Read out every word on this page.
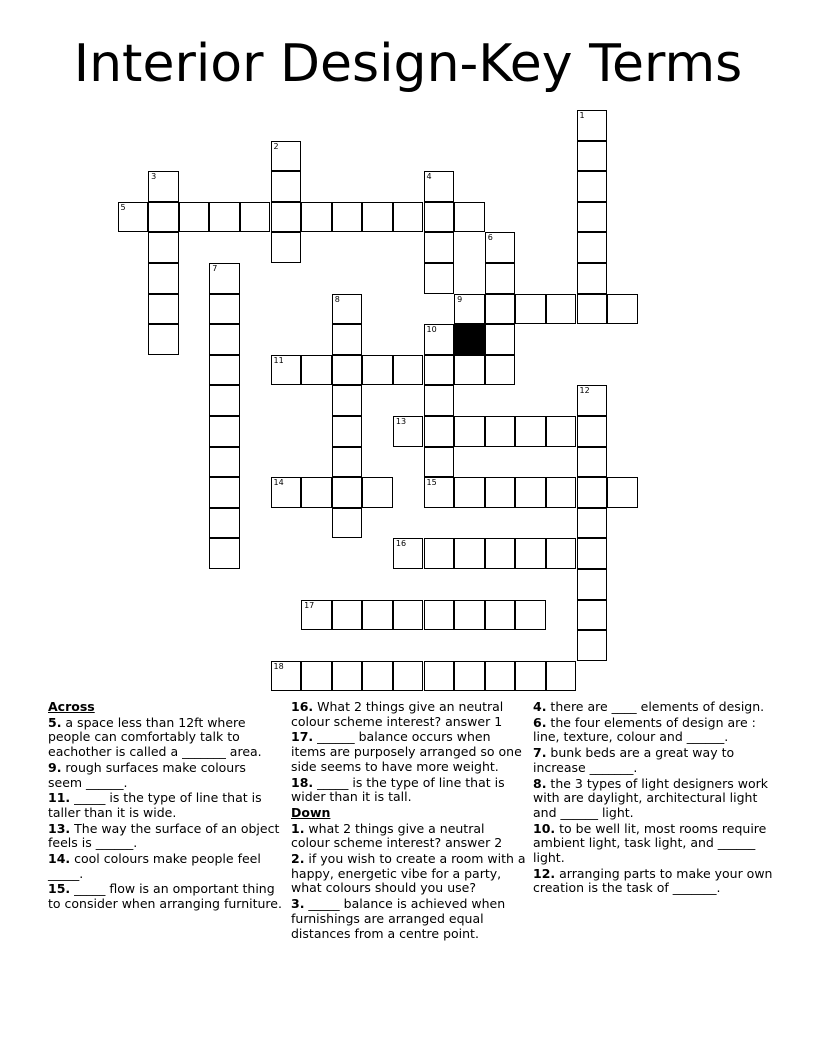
Interior Design-Key Terms
1
2
3	4
5
6
7
8	9
10
11
12
13
14	15
16
17
18
Across
5. a space less than 12ft where people can comfortably talk to eachother is called a _______ area.
9. rough surfaces make colours seem ______.
11. _____ is the type of line that is taller than it is wide.
13. The way the surface of an object feels is ______.
14. cool colours make people feel _____.
15. _____ flow is an omportant thing to consider when arranging furniture.
16. What 2 things give an neutral colour scheme interest? answer 1
17. ______ balance occurs when items are purposely arranged so one side seems to have more weight.
18. _____ is the type of line that is wider than it is tall.
Down
1. what 2 things give a neutral colour scheme interest? answer 2
2. if you wish to create a room with a happy, energetic vibe for a party, what colours should you use?
3. _____ balance is achieved when furnishings are arranged equal distances from a centre point.
4. there are ____ elements of design.
6. the four elements of design are : line, texture, colour and ______.
7. bunk beds are a great way to increase _______.
8. the 3 types of light designers work with are daylight, architectural light and ______ light.
10. to be well lit, most rooms require ambient light, task light, and ______ light.
12. arranging parts to make your own creation is the task of _______.
